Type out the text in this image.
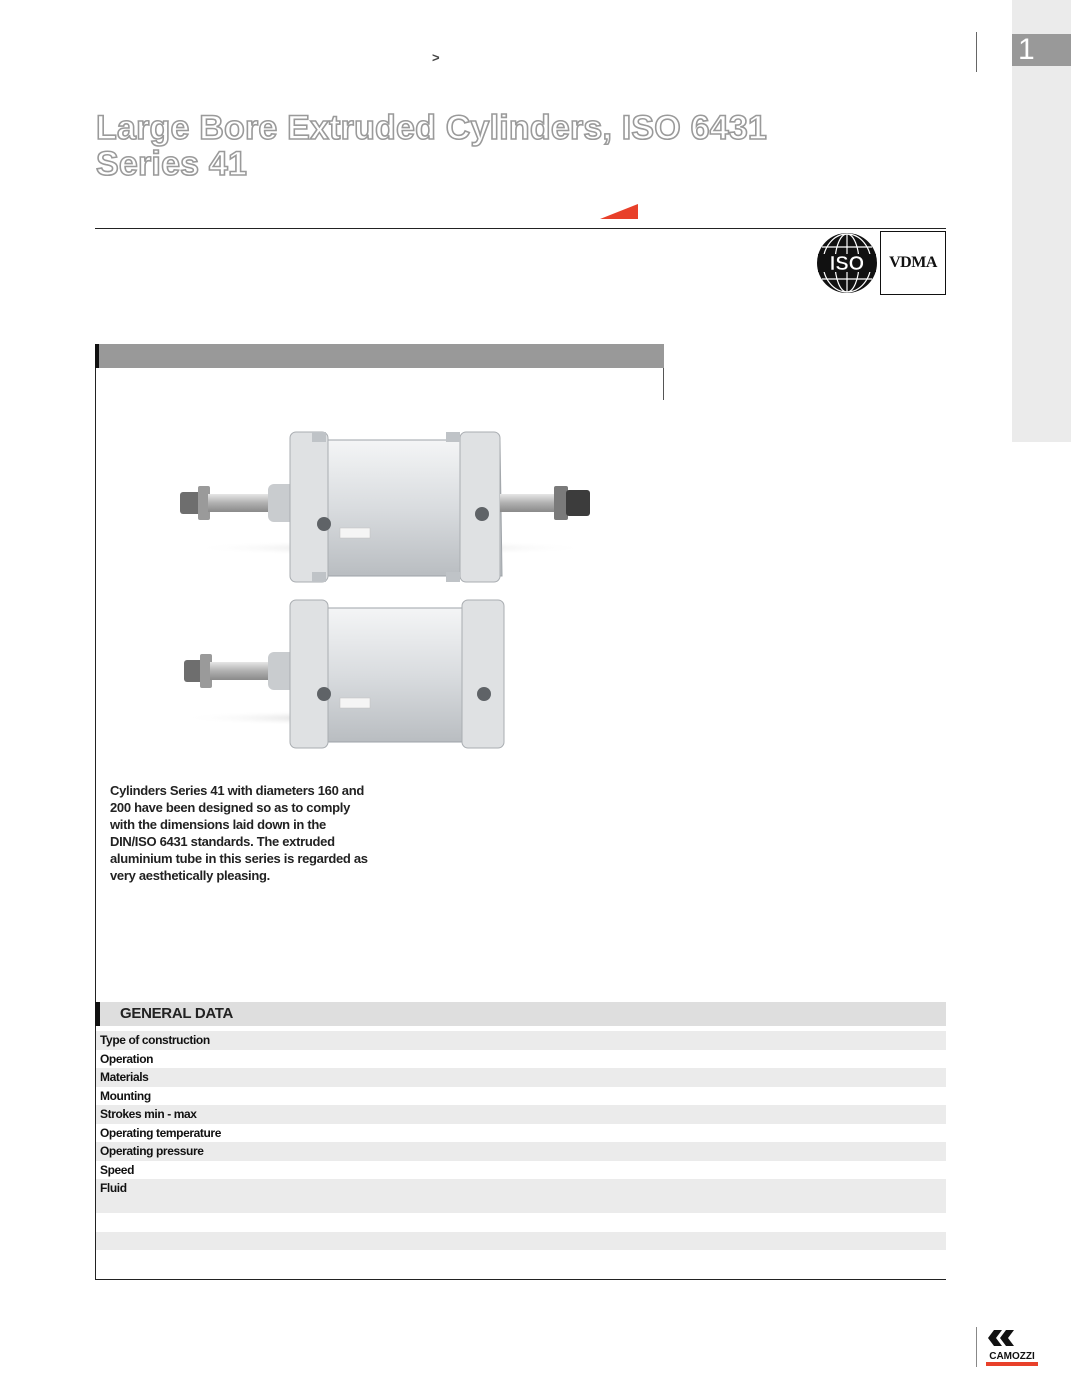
>	1
Large Bore Extruded Cylinders, ISO 6431
Series 41
ISO	VDMA
Cylinders Series 41 with diameters 160 and 200 have been designed so as to comply with the dimensions laid down in the DIN/ISO 6431 standards. The extruded aluminium tube in this series is regarded as very aesthetically pleasing.
GENERAL DATA
Type of construction
Operation
Materials
Mounting
Strokes min - max
Operating temperature
Operating pressure
Speed
Fluid
CAMOZZI
